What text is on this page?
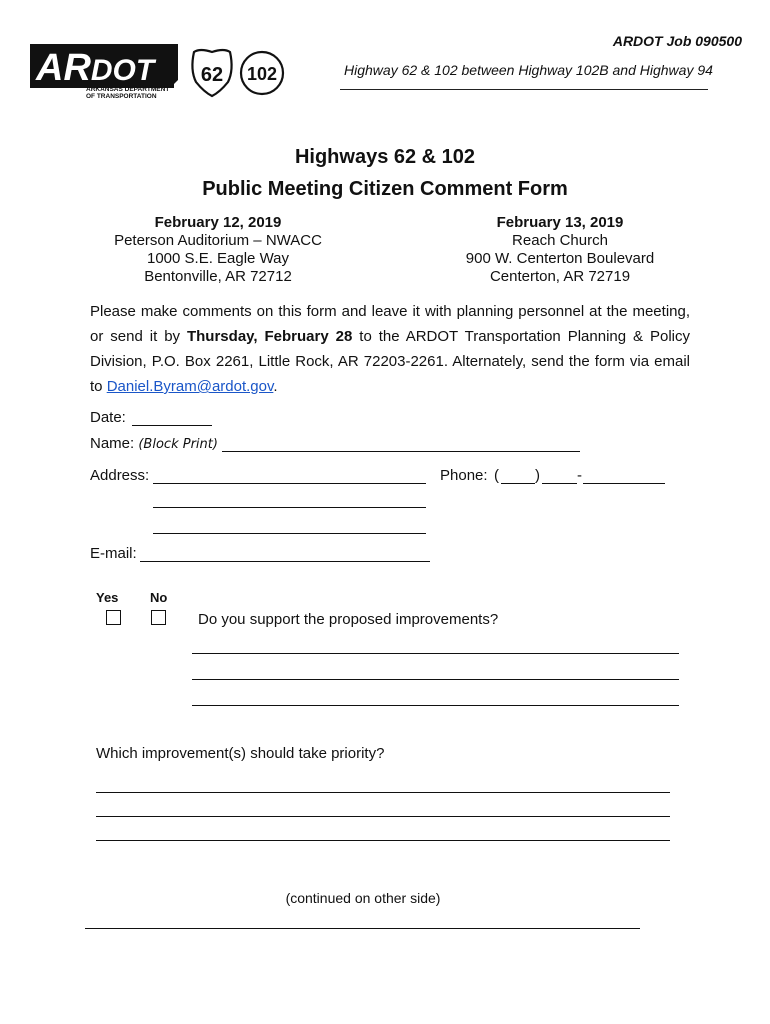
ARDOT
ARKANSAS DEPARTMENT
OF TRANSPORTATION
62 102
ARDOT Job 090500
Highway 62 & 102 between Highway 102B and Highway 94
Highways 62 & 102
Public Meeting Citizen Comment Form
February 12, 2019
Peterson Auditorium – NWACC
1000 S.E. Eagle Way
Bentonville, AR 72712
February 13, 2019
Reach Church
900 W. Centerton Boulevard
Centerton, AR 72719
Please make comments on this form and leave it with planning personnel at the meeting, or send it by Thursday, February 28 to the ARDOT Transportation Planning & Policy Division, P.O. Box 2261, Little Rock, AR 72203-2261. Alternately, send the form via email to Daniel.Byram@ardot.gov.
Date:
Name: (Block Print)
Address:	Phone: ( ) -
E-mail:
Yes No
Do you support the proposed improvements?
Which improvement(s) should take priority?
(continued on other side)
